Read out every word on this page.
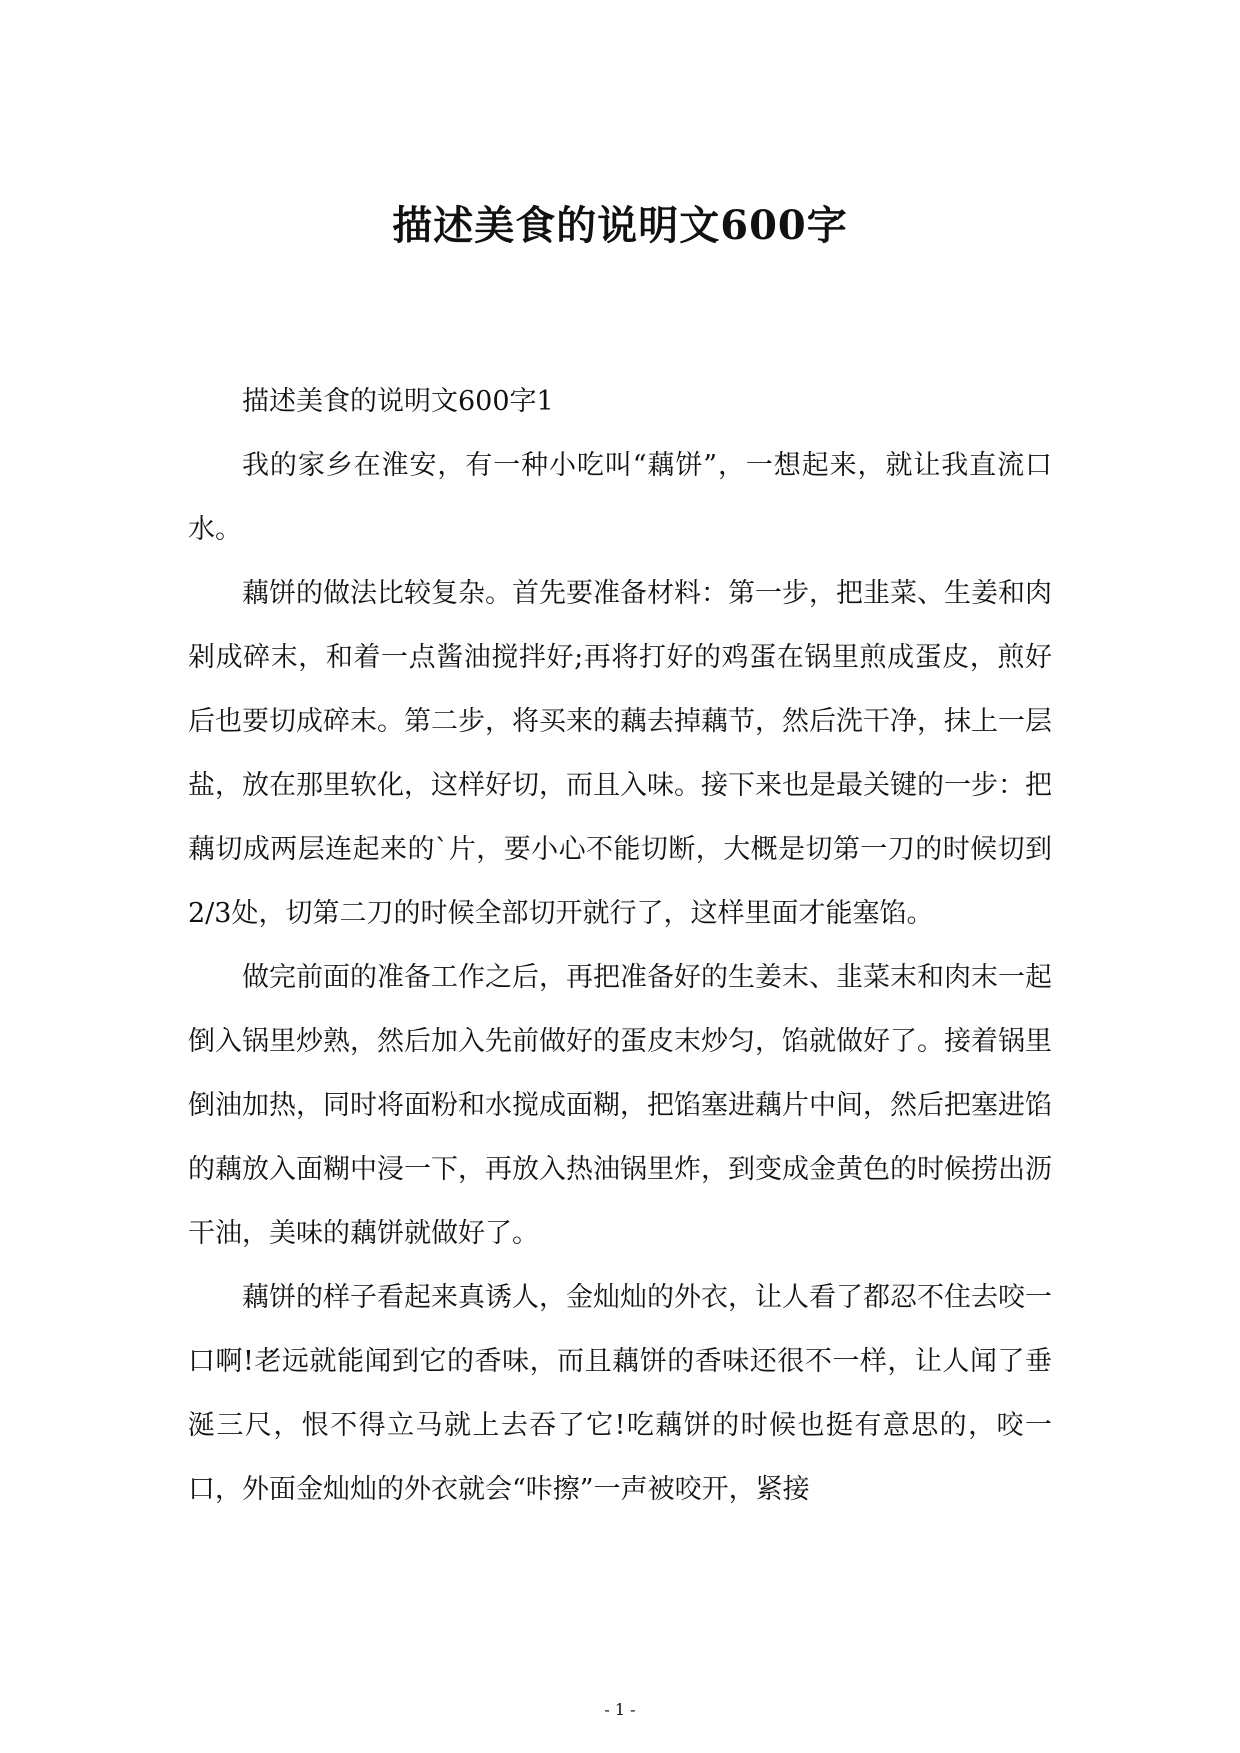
描述美食的说明文600字

描述美食的说明文600字1

我的家乡在淮安，有一种小吃叫“藕饼”，一想起来，就让我直流口水。

藕饼的做法比较复杂。首先要准备材料：第一步，把韭菜、生姜和肉剁成碎末，和着一点酱油搅拌好;再将打好的鸡蛋在锅里煎成蛋皮，煎好后也要切成碎末。第二步，将买来的藕去掉藕节，然后洗干净，抹上一层盐，放在那里软化，这样好切，而且入味。接下来也是最关键的一步：把藕切成两层连起来的`片，要小心不能切断，大概是切第一刀的时候切到2/3处，切第二刀的时候全部切开就行了，这样里面才能塞馅。

做完前面的准备工作之后，再把准备好的生姜末、韭菜末和肉末一起倒入锅里炒熟，然后加入先前做好的蛋皮末炒匀，馅就做好了。接着锅里倒油加热，同时将面粉和水搅成面糊，把馅塞进藕片中间，然后把塞进馅的藕放入面糊中浸一下，再放入热油锅里炸，到变成金黄色的时候捞出沥干油，美味的藕饼就做好了。

藕饼的样子看起来真诱人，金灿灿的外衣，让人看了都忍不住去咬一口啊!老远就能闻到它的香味，而且藕饼的香味还很不一样，让人闻了垂涎三尺，恨不得立马就上去吞了它!吃藕饼的时候也挺有意思的，咬一口，外面金灿灿的外衣就会“咔擦”一声被咬开，紧接

- 1 -
